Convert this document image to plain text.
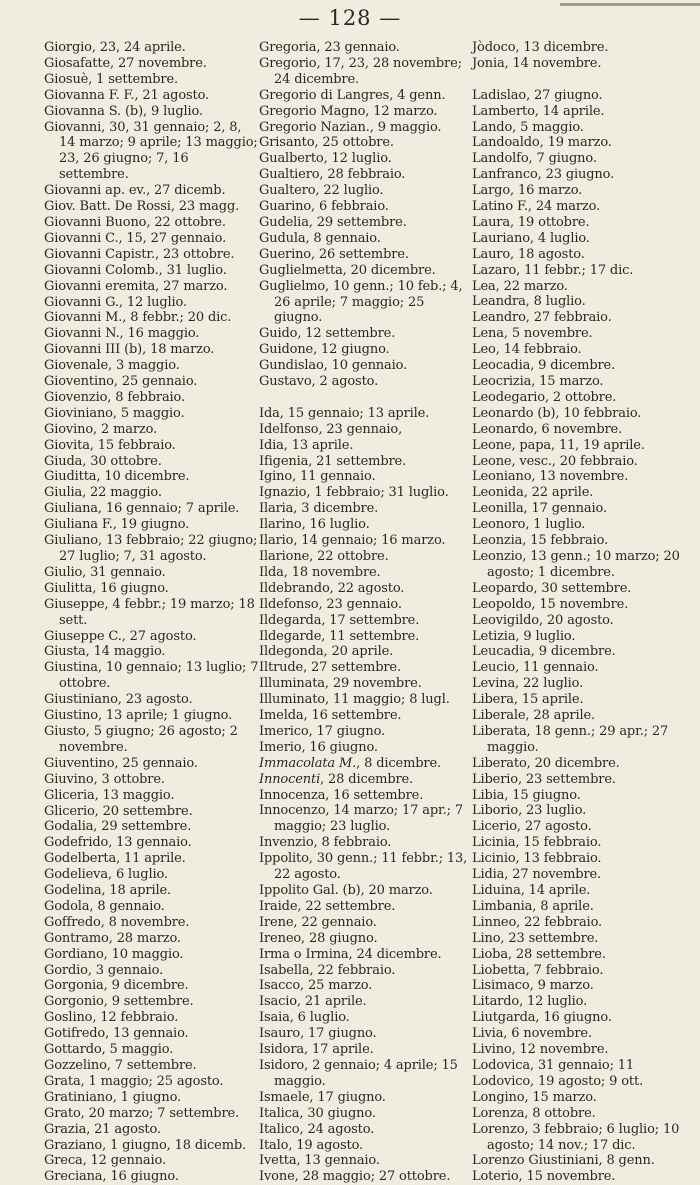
— 128 —
Giorgio, 23, 24 aprile.
Giosafatte, 27 novembre.
Giosuè, 1 settembre.
Giovanna F. F., 21 agosto.
Giovanna S. (b), 9 luglio.
Giovanni, 30, 31 gennaio; 2, 8, 14 marzo; 9 aprile; 13 maggio; 23, 26 giugno; 7, 16 settembre.
Giovanni ap. ev., 27 dicemb.
Giov. Batt. De Rossi, 23 magg.
Giovanni Buono, 22 ottobre.
Giovanni C., 15, 27 gennaio.
Giovanni Capistr., 23 ottobre.
Giovanni Colomb., 31 luglio.
Giovanni eremita, 27 marzo.
Giovanni G., 12 luglio.
Giovanni M., 8 febbr.; 20 dic.
Giovanni N., 16 maggio.
Giovanni III (b), 18 marzo.
Giovenale, 3 maggio.
Gioventino, 25 gennaio.
Giovenzio, 8 febbraio.
Gioviniano, 5 maggio.
Giovino, 2 marzo.
Giovita, 15 febbraio.
Giuda, 30 ottobre.
Giuditta, 10 dicembre.
Giulia, 22 maggio.
Giuliana, 16 gennaio; 7 aprile.
Giuliana F., 19 giugno.
Giuliano, 13 febbraio; 22 giugno; 27 luglio; 7, 31 agosto.
Giulio, 31 gennaio.
Giulitta, 16 giugno.
Giuseppe, 4 febbr.; 19 marzo; 18 sett.
Giuseppe C., 27 agosto.
Giusta, 14 maggio.
Giustina, 10 gennaio; 13 luglio; 7 ottobre.
Giustiniano, 23 agosto.
Giustino, 13 aprile; 1 giugno.
Giusto, 5 giugno; 26 agosto; 2 novembre.
Giuventino, 25 gennaio.
Giuvino, 3 ottobre.
Gliceria, 13 maggio.
Glicerio, 20 settembre.
Godalia, 29 settembre.
Godefrido, 13 gennaio.
Godelberta, 11 aprile.
Godelieva, 6 luglio.
Godelina, 18 aprile.
Godola, 8 gennaio.
Goffredo, 8 novembre.
Gontramo, 28 marzo.
Gordiano, 10 maggio.
Gordio, 3 gennaio.
Gorgonia, 9 dicembre.
Gorgonio, 9 settembre.
Goslino, 12 febbraio.
Gotifredo, 13 gennaio.
Gottardo, 5 maggio.
Gozzelino, 7 settembre.
Grata, 1 maggio; 25 agosto.
Gratiniano, 1 giugno.
Grato, 20 marzo; 7 settembre.
Grazia, 21 agosto.
Graziano, 1 giugno, 18 dicemb.
Greca, 12 gennaio.
Greciana, 16 giugno.
Gregoria, 23 gennaio.
Gregorio, 17, 23, 28 novembre; 24 dicembre.
Gregorio di Langres, 4 genn.
Gregorio Magno, 12 marzo.
Gregorio Nazian., 9 maggio.
Grisanto, 25 ottobre.
Gualberto, 12 luglio.
Gualtiero, 28 febbraio.
Gualtero, 22 luglio.
Guarino, 6 febbraio.
Gudelia, 29 settembre.
Gudula, 8 gennaio.
Guerino, 26 settembre.
Guglielmetta, 20 dicembre.
Guglielmo, 10 genn.; 10 feb.; 4, 26 aprile; 7 maggio; 25 giugno.
Guido, 12 settembre.
Guidone, 12 giugno.
Gundislao, 10 gennaio.
Gustavo, 2 agosto.
Ida, 15 gennaio; 13 aprile.
Idelfonso, 23 gennaio,
Idia, 13 aprile.
Ifigenia, 21 settembre.
Igino, 11 gennaio.
Ignazio, 1 febbraio; 31 luglio.
Ilaria, 3 dicembre.
Ilarino, 16 luglio.
Ilario, 14 gennaio; 16 marzo.
Ilarione, 22 ottobre.
Ilda, 18 novembre.
Ildebrando, 22 agosto.
Ildefonso, 23 gennaio.
Ildegarda, 17 settembre.
Ildegarde, 11 settembre.
Ildegonda, 20 aprile.
Iltrude, 27 settembre.
Illuminata, 29 novembre.
Illuminato, 11 maggio; 8 lugl.
Imelda, 16 settembre.
Imerico, 17 giugno.
Imerio, 16 giugno.
Immacolata M., 8 dicembre.
Innocenti, 28 dicembre.
Innocenza, 16 settembre.
Innocenzo, 14 marzo; 17 apr.; 7 maggio; 23 luglio.
Invenzio, 8 febbraio.
Ippolito, 30 genn.; 11 febbr.; 13, 22 agosto.
Ippolito Gal. (b), 20 marzo.
Iraide, 22 settembre.
Irene, 22 gennaio.
Ireneo, 28 giugno.
Irma o Irmina, 24 dicembre.
Isabella, 22 febbraio.
Isacco, 25 marzo.
Isacio, 21 aprile.
Isaia, 6 luglio.
Isauro, 17 giugno.
Isidora, 17 aprile.
Isidoro, 2 gennaio; 4 aprile; 15 maggio.
Ismaele, 17 giugno.
Italica, 30 giugno.
Italico, 24 agosto.
Italo, 19 agosto.
Ivetta, 13 gennaio.
Ivone, 28 maggio; 27 ottobre.
Jòdoco, 13 dicembre.
Jonia, 14 novembre.
Ladislao, 27 giugno.
Lamberto, 14 aprile.
Lando, 5 maggio.
Landoaldo, 19 marzo.
Landolfo, 7 giugno.
Lanfranco, 23 giugno.
Largo, 16 marzo.
Latino F., 24 marzo.
Laura, 19 ottobre.
Lauriano, 4 luglio.
Lauro, 18 agosto.
Lazaro, 11 febbr.; 17 dic.
Lea, 22 marzo.
Leandra, 8 luglio.
Leandro, 27 febbraio.
Lena, 5 novembre.
Leo, 14 febbraio.
Leocadia, 9 dicembre.
Leocrizia, 15 marzo.
Leodegario, 2 ottobre.
Leonardo (b), 10 febbraio.
Leonardo, 6 novembre.
Leone, papa, 11, 19 aprile.
Leone, vesc., 20 febbraio.
Leoniano, 13 novembre.
Leonida, 22 aprile.
Leonilla, 17 gennaio.
Leonoro, 1 luglio.
Leonzia, 15 febbraio.
Leonzio, 13 genn.; 10 marzo; 20 agosto; 1 dicembre.
Leopardo, 30 settembre.
Leopoldo, 15 novembre.
Leovigildo, 20 agosto.
Letizia, 9 luglio.
Leucadia, 9 dicembre.
Leucio, 11 gennaio.
Levina, 22 luglio.
Libera, 15 aprile.
Liberale, 28 aprile.
Liberata, 18 genn.; 29 apr.; 27 maggio.
Liberato, 20 dicembre.
Liberio, 23 settembre.
Libia, 15 giugno.
Liborio, 23 luglio.
Licerio, 27 agosto.
Licinia, 15 febbraio.
Licinio, 13 febbraio.
Lidia, 27 novembre.
Liduina, 14 aprile.
Limbania, 8 aprile.
Linneo, 22 febbraio.
Lino, 23 settembre.
Lioba, 28 settembre.
Liobetta, 7 febbraio.
Lisimaco, 9 marzo.
Litardo, 12 luglio.
Liutgarda, 16 giugno.
Livia, 6 novembre.
Livino, 12 novembre.
Lodovica, 31 gennaio; 11
Lodovico, 19 agosto; 9 ott.
Longino, 15 marzo.
Lorenza, 8 ottobre.
Lorenzo, 3 febbraio; 6 luglio; 10 agosto; 14 nov.; 17 dic.
Lorenzo Giustiniani, 8 genn.
Loterio, 15 novembre.
